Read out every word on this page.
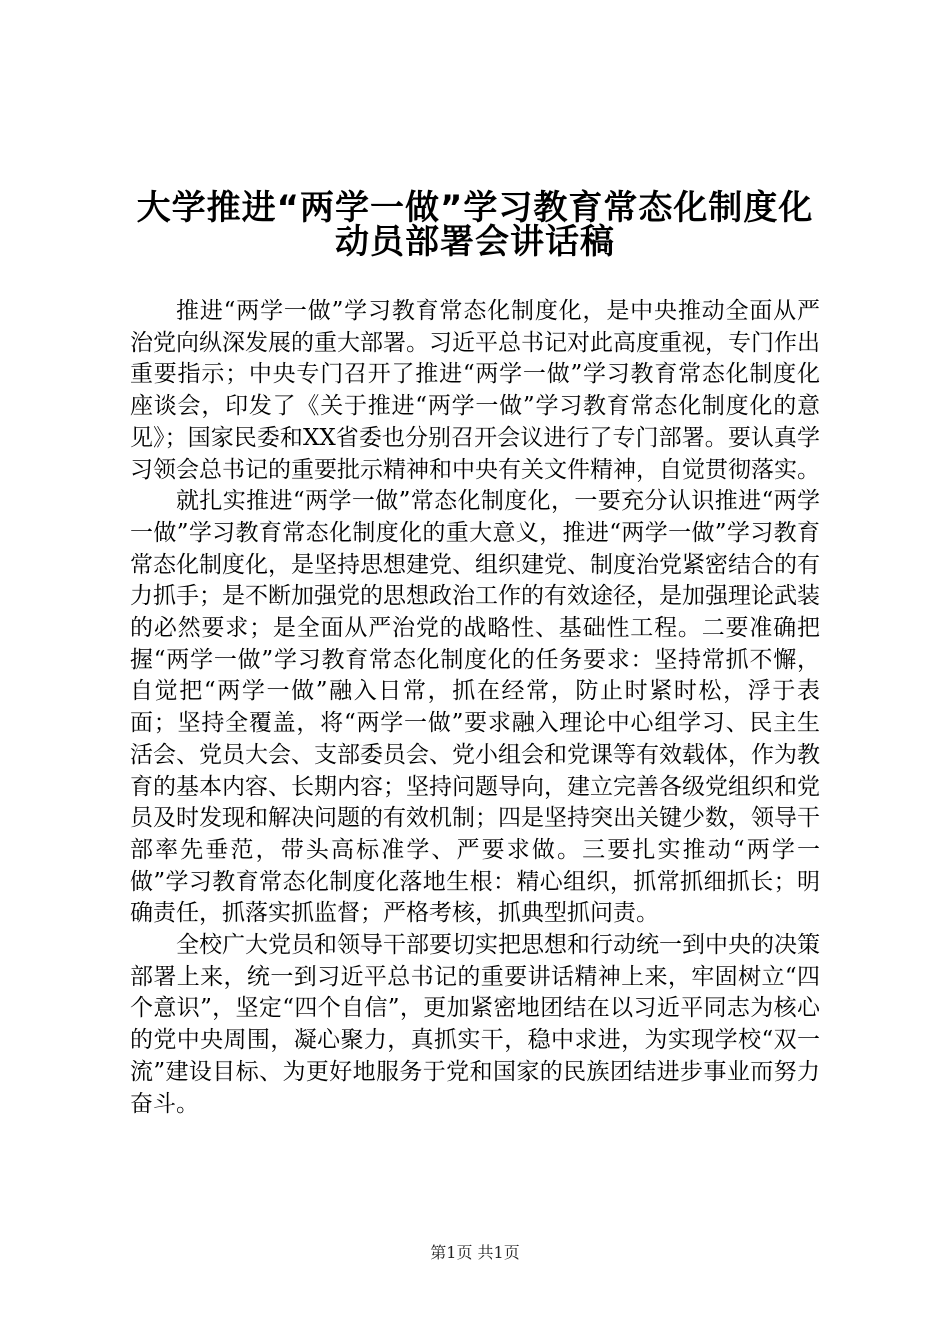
大学推进“两学一做”学习教育常态化制度化
动员部署会讲话稿

推进“两学一做”学习教育常态化制度化，是中央推动全面从严治党向纵深发展的重大部署。习近平总书记对此高度重视，专门作出重要指示；中央专门召开了推进“两学一做”学习教育常态化制度化座谈会，印发了《关于推进“两学一做”学习教育常态化制度化的意见》；国家民委和XX省委也分别召开会议进行了专门部署。要认真学习领会总书记的重要批示精神和中央有关文件精神，自觉贯彻落实。

就扎实推进“两学一做”常态化制度化，一要充分认识推进“两学一做”学习教育常态化制度化的重大意义，推进“两学一做”学习教育常态化制度化，是坚持思想建党、组织建党、制度治党紧密结合的有力抓手；是不断加强党的思想政治工作的有效途径，是加强理论武装的必然要求；是全面从严治党的战略性、基础性工程。二要准确把握“两学一做”学习教育常态化制度化的任务要求：坚持常抓不懈，自觉把“两学一做”融入日常，抓在经常，防止时紧时松，浮于表面；坚持全覆盖，将“两学一做”要求融入理论中心组学习、民主生活会、党员大会、支部委员会、党小组会和党课等有效载体，作为教育的基本内容、长期内容；坚持问题导向，建立完善各级党组织和党员及时发现和解决问题的有效机制；四是坚持突出关键少数，领导干部率先垂范，带头高标准学、严要求做。三要扎实推动“两学一做”学习教育常态化制度化落地生根：精心组织，抓常抓细抓长；明确责任，抓落实抓监督；严格考核，抓典型抓问责。

全校广大党员和领导干部要切实把思想和行动统一到中央的决策部署上来，统一到习近平总书记的重要讲话精神上来，牢固树立“四个意识”，坚定“四个自信”，更加紧密地团结在以习近平同志为核心的党中央周围，凝心聚力，真抓实干，稳中求进，为实现学校“双一流”建设目标、为更好地服务于党和国家的民族团结进步事业而努力奋斗。

第1页 共1页
